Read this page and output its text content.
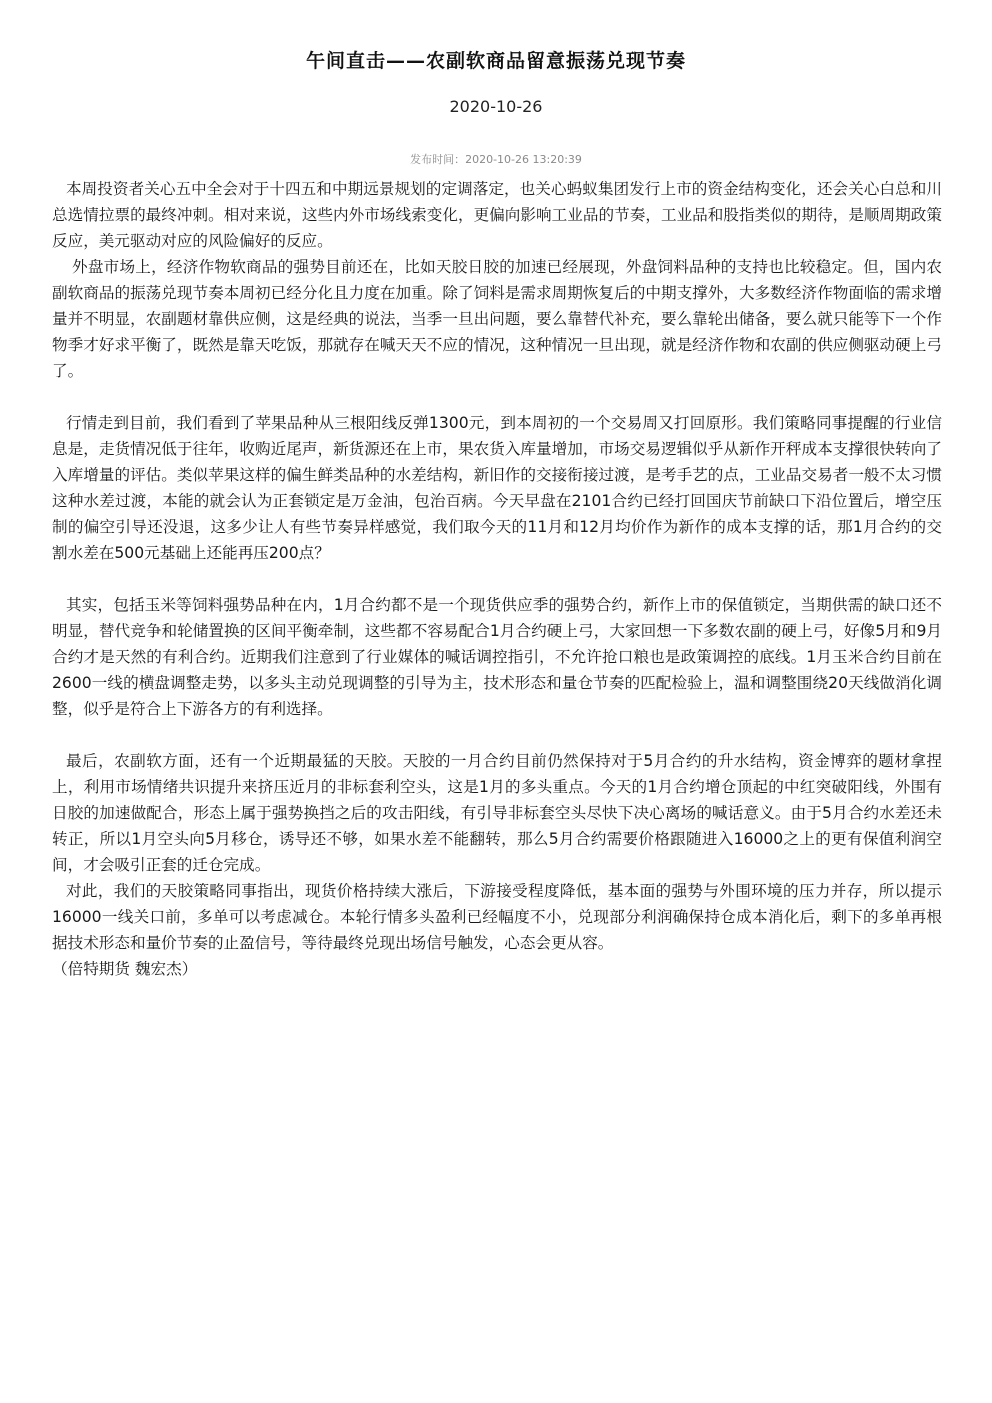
午间直击——农副软商品留意振荡兑现节奏
2020-10-26
发布时间：2020-10-26 13:20:39

本周投资者关心五中全会对于十四五和中期远景规划的定调落定，也关心蚂蚁集团发行上市的资金结构变化，还会关心白总和川总选情拉票的最终冲刺。相对来说，这些内外市场线索变化，更偏向影响工业品的节奏，工业品和股指类似的期待，是顺周期政策反应，美元驱动对应的风险偏好的反应。

外盘市场上，经济作物软商品的强势目前还在，比如天胶日胶的加速已经展现，外盘饲料品种的支持也比较稳定。但，国内农副软商品的振荡兑现节奏本周初已经分化且力度在加重。除了饲料是需求周期恢复后的中期支撑外，大多数经济作物面临的需求增量并不明显，农副题材靠供应侧，这是经典的说法，当季一旦出问题，要么靠替代补充，要么靠轮出储备，要么就只能等下一个作物季才好求平衡了，既然是靠天吃饭，那就存在喊天天不应的情况，这种情况一旦出现，就是经济作物和农副的供应侧驱动硬上弓了。

行情走到目前，我们看到了苹果品种从三根阳线反弹1300元，到本周初的一个交易周又打回原形。我们策略同事提醒的行业信息是，走货情况低于往年，收购近尾声，新货源还在上市，果农货入库量增加，市场交易逻辑似乎从新作开秤成本支撑很快转向了入库增量的评估。类似苹果这样的偏生鲜类品种的水差结构，新旧作的交接衔接过渡，是考手艺的点，工业品交易者一般不太习惯这种水差过渡，本能的就会认为正套锁定是万金油，包治百病。今天早盘在2101合约已经打回国庆节前缺口下沿位置后，增空压制的偏空引导还没退，这多少让人有些节奏异样感觉，我们取今天的11月和12月均价作为新作的成本支撑的话，那1月合约的交割水差在500元基础上还能再压200点？

其实，包括玉米等饲料强势品种在内，1月合约都不是一个现货供应季的强势合约，新作上市的保值锁定，当期供需的缺口还不明显，替代竞争和轮储置换的区间平衡牵制，这些都不容易配合1月合约硬上弓，大家回想一下多数农副的硬上弓，好像5月和9月合约才是天然的有利合约。近期我们注意到了行业媒体的喊话调控指引，不允许抢口粮也是政策调控的底线。1月玉米合约目前在2600一线的横盘调整走势，以多头主动兑现调整的引导为主，技术形态和量仓节奏的匹配检验上，温和调整围绕20天线做消化调整，似乎是符合上下游各方的有利选择。

最后，农副软方面，还有一个近期最猛的天胶。天胶的一月合约目前仍然保持对于5月合约的升水结构，资金博弈的题材拿捏上，利用市场情绪共识提升来挤压近月的非标套利空头，这是1月的多头重点。今天的1月合约增仓顶起的中红突破阳线，外围有日胶的加速做配合，形态上属于强势换挡之后的攻击阳线，有引导非标套空头尽快下决心离场的喊话意义。由于5月合约水差还未转正，所以1月空头向5月移仓，诱导还不够，如果水差不能翻转，那么5月合约需要价格跟随进入16000之上的更有保值利润空间，才会吸引正套的迁仓完成。

对此，我们的天胶策略同事指出，现货价格持续大涨后，下游接受程度降低，基本面的强势与外围环境的压力并存，所以提示16000一线关口前，多单可以考虑减仓。本轮行情多头盈利已经幅度不小，兑现部分利润确保持仓成本消化后，剩下的多单再根据技术形态和量价节奏的止盈信号，等待最终兑现出场信号触发，心态会更从容。

（倍特期货 魏宏杰）
